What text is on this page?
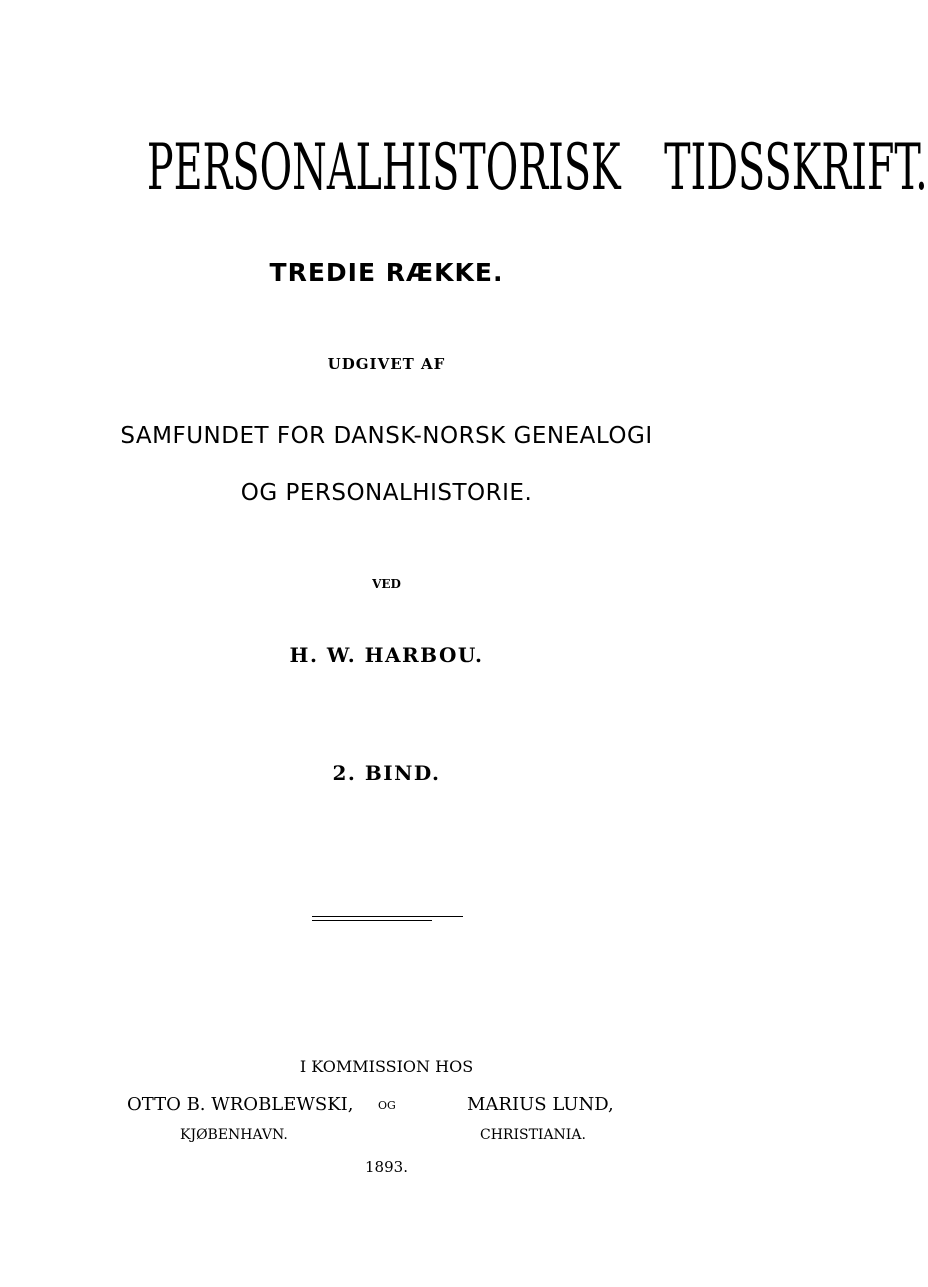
PERSONALHISTORISK TIDSSKRIFT.
TREDIE RÆKKE.
UDGIVET AF
SAMFUNDET FOR DANSK-NORSK GENEALOGI
OG PERSONALHISTORIE.
VED
H. W. HARBOU.
2. BIND.
I KOMMISSION HOS
OTTO B. WROBLEWSKI, OG	MARIUS LUND,
KJØBENHAVN.	CHRISTIANIA.
1893.
